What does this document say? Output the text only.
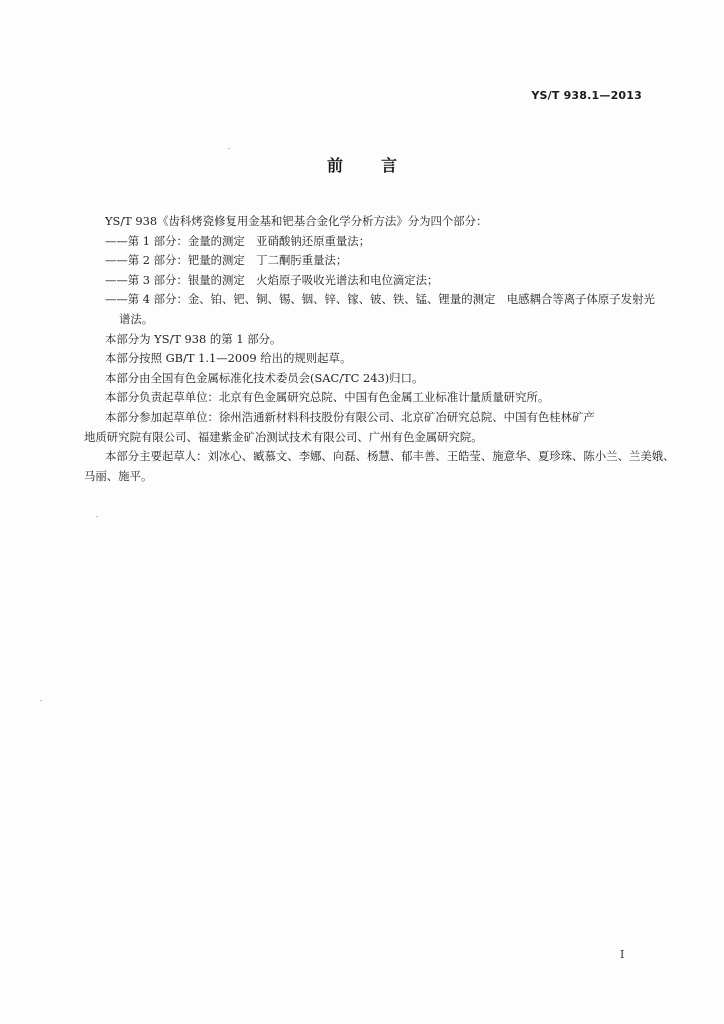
YS/T 938.1—2013
前言

YS/T 938《齿科烤瓷修复用金基和钯基合金化学分析方法》分为四个部分：

——第 1 部分：金量的测定　亚硝酸钠还原重量法；

——第 2 部分：钯量的测定　丁二酮肟重量法；

——第 3 部分：银量的测定　火焰原子吸收光谱法和电位滴定法；

——第 4 部分：金、铂、钯、铜、锡、铟、锌、镓、铍、铁、锰、锂量的测定　电感耦合等离子体原子发射光

谱法。

本部分为 YS/T 938 的第 1 部分。

本部分按照 GB/T 1.1—2009 给出的规则起草。

本部分由全国有色金属标准化技术委员会(SAC/TC 243)归口。

本部分负责起草单位：北京有色金属研究总院、中国有色金属工业标准计量质量研究所。

本部分参加起草单位：徐州浩通新材料科技股份有限公司、北京矿冶研究总院、中国有色桂林矿产

地质研究院有限公司、福建紫金矿冶测试技术有限公司、广州有色金属研究院。

本部分主要起草人：刘冰心、臧慕文、李娜、向磊、杨慧、郁丰善、王皓莹、施意华、夏珍珠、陈小兰、兰美娥、

马丽、施平。

I
